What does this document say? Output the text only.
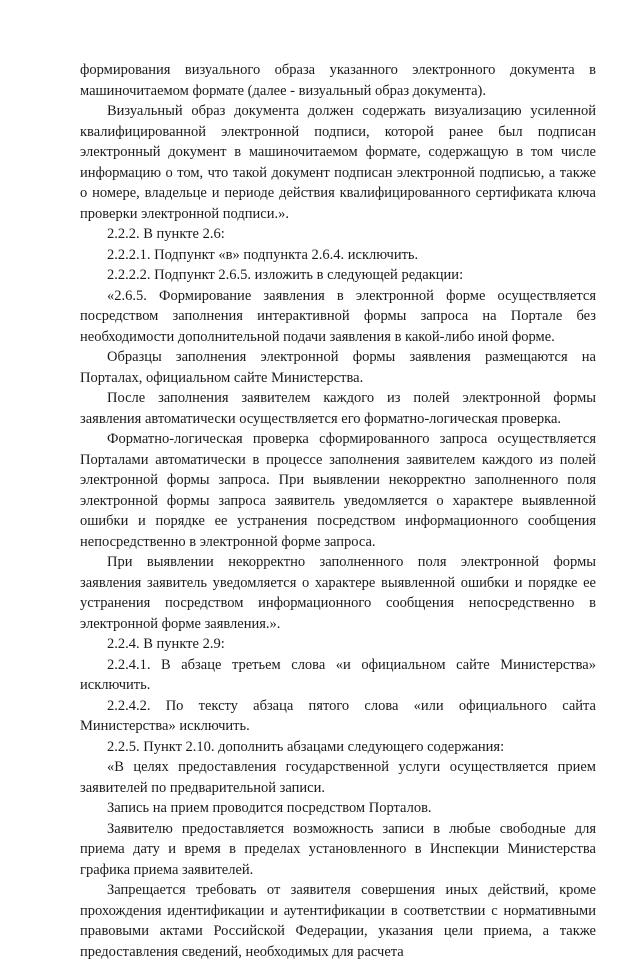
формирования визуального образа указанного электронного документа в машиночитаемом формате (далее - визуальный образ документа).

Визуальный образ документа должен содержать визуализацию усиленной квалифицированной электронной подписи, которой ранее был подписан электронный документ в машиночитаемом формате, содержащую в том числе информацию о том, что такой документ подписан электронной подписью, а также о номере, владельце и периоде действия квалифицированного сертификата ключа проверки электронной подписи.».

2.2.2. В пункте 2.6:

2.2.2.1. Подпункт «в» подпункта 2.6.4. исключить.

2.2.2.2. Подпункт 2.6.5. изложить в следующей редакции:

«2.6.5. Формирование заявления в электронной форме осуществляется посредством заполнения интерактивной формы запроса на Портале без необходимости дополнительной подачи заявления в какой-либо иной форме.

Образцы заполнения электронной формы заявления размещаются на Порталах, официальном сайте Министерства.

После заполнения заявителем каждого из полей электронной формы заявления автоматически осуществляется его форматно-логическая проверка.

Форматно-логическая проверка сформированного запроса осуществляется Порталами автоматически в процессе заполнения заявителем каждого из полей электронной формы запроса. При выявлении некорректно заполненного поля электронной формы запроса заявитель уведомляется о характере выявленной ошибки и порядке ее устранения посредством информационного сообщения непосредственно в электронной форме запроса.

При выявлении некорректно заполненного поля электронной формы заявления заявитель уведомляется о характере выявленной ошибки и порядке ее устранения посредством информационного сообщения непосредственно в электронной форме заявления.».

2.2.4. В пункте 2.9:

2.2.4.1. В абзаце третьем слова «и официальном сайте Министерства» исключить.

2.2.4.2. По тексту абзаца пятого слова «или официального сайта Министерства» исключить.

2.2.5. Пункт 2.10. дополнить абзацами следующего содержания:

«В целях предоставления государственной услуги осуществляется прием заявителей по предварительной записи.

Запись на прием проводится посредством Порталов.

Заявителю предоставляется возможность записи в любые свободные для приема дату и время в пределах установленного в Инспекции Министерства графика приема заявителей.

Запрещается требовать от заявителя совершения иных действий, кроме прохождения идентификации и аутентификации в соответствии с нормативными правовыми актами Российской Федерации, указания цели приема, а также предоставления сведений, необходимых для расчета
